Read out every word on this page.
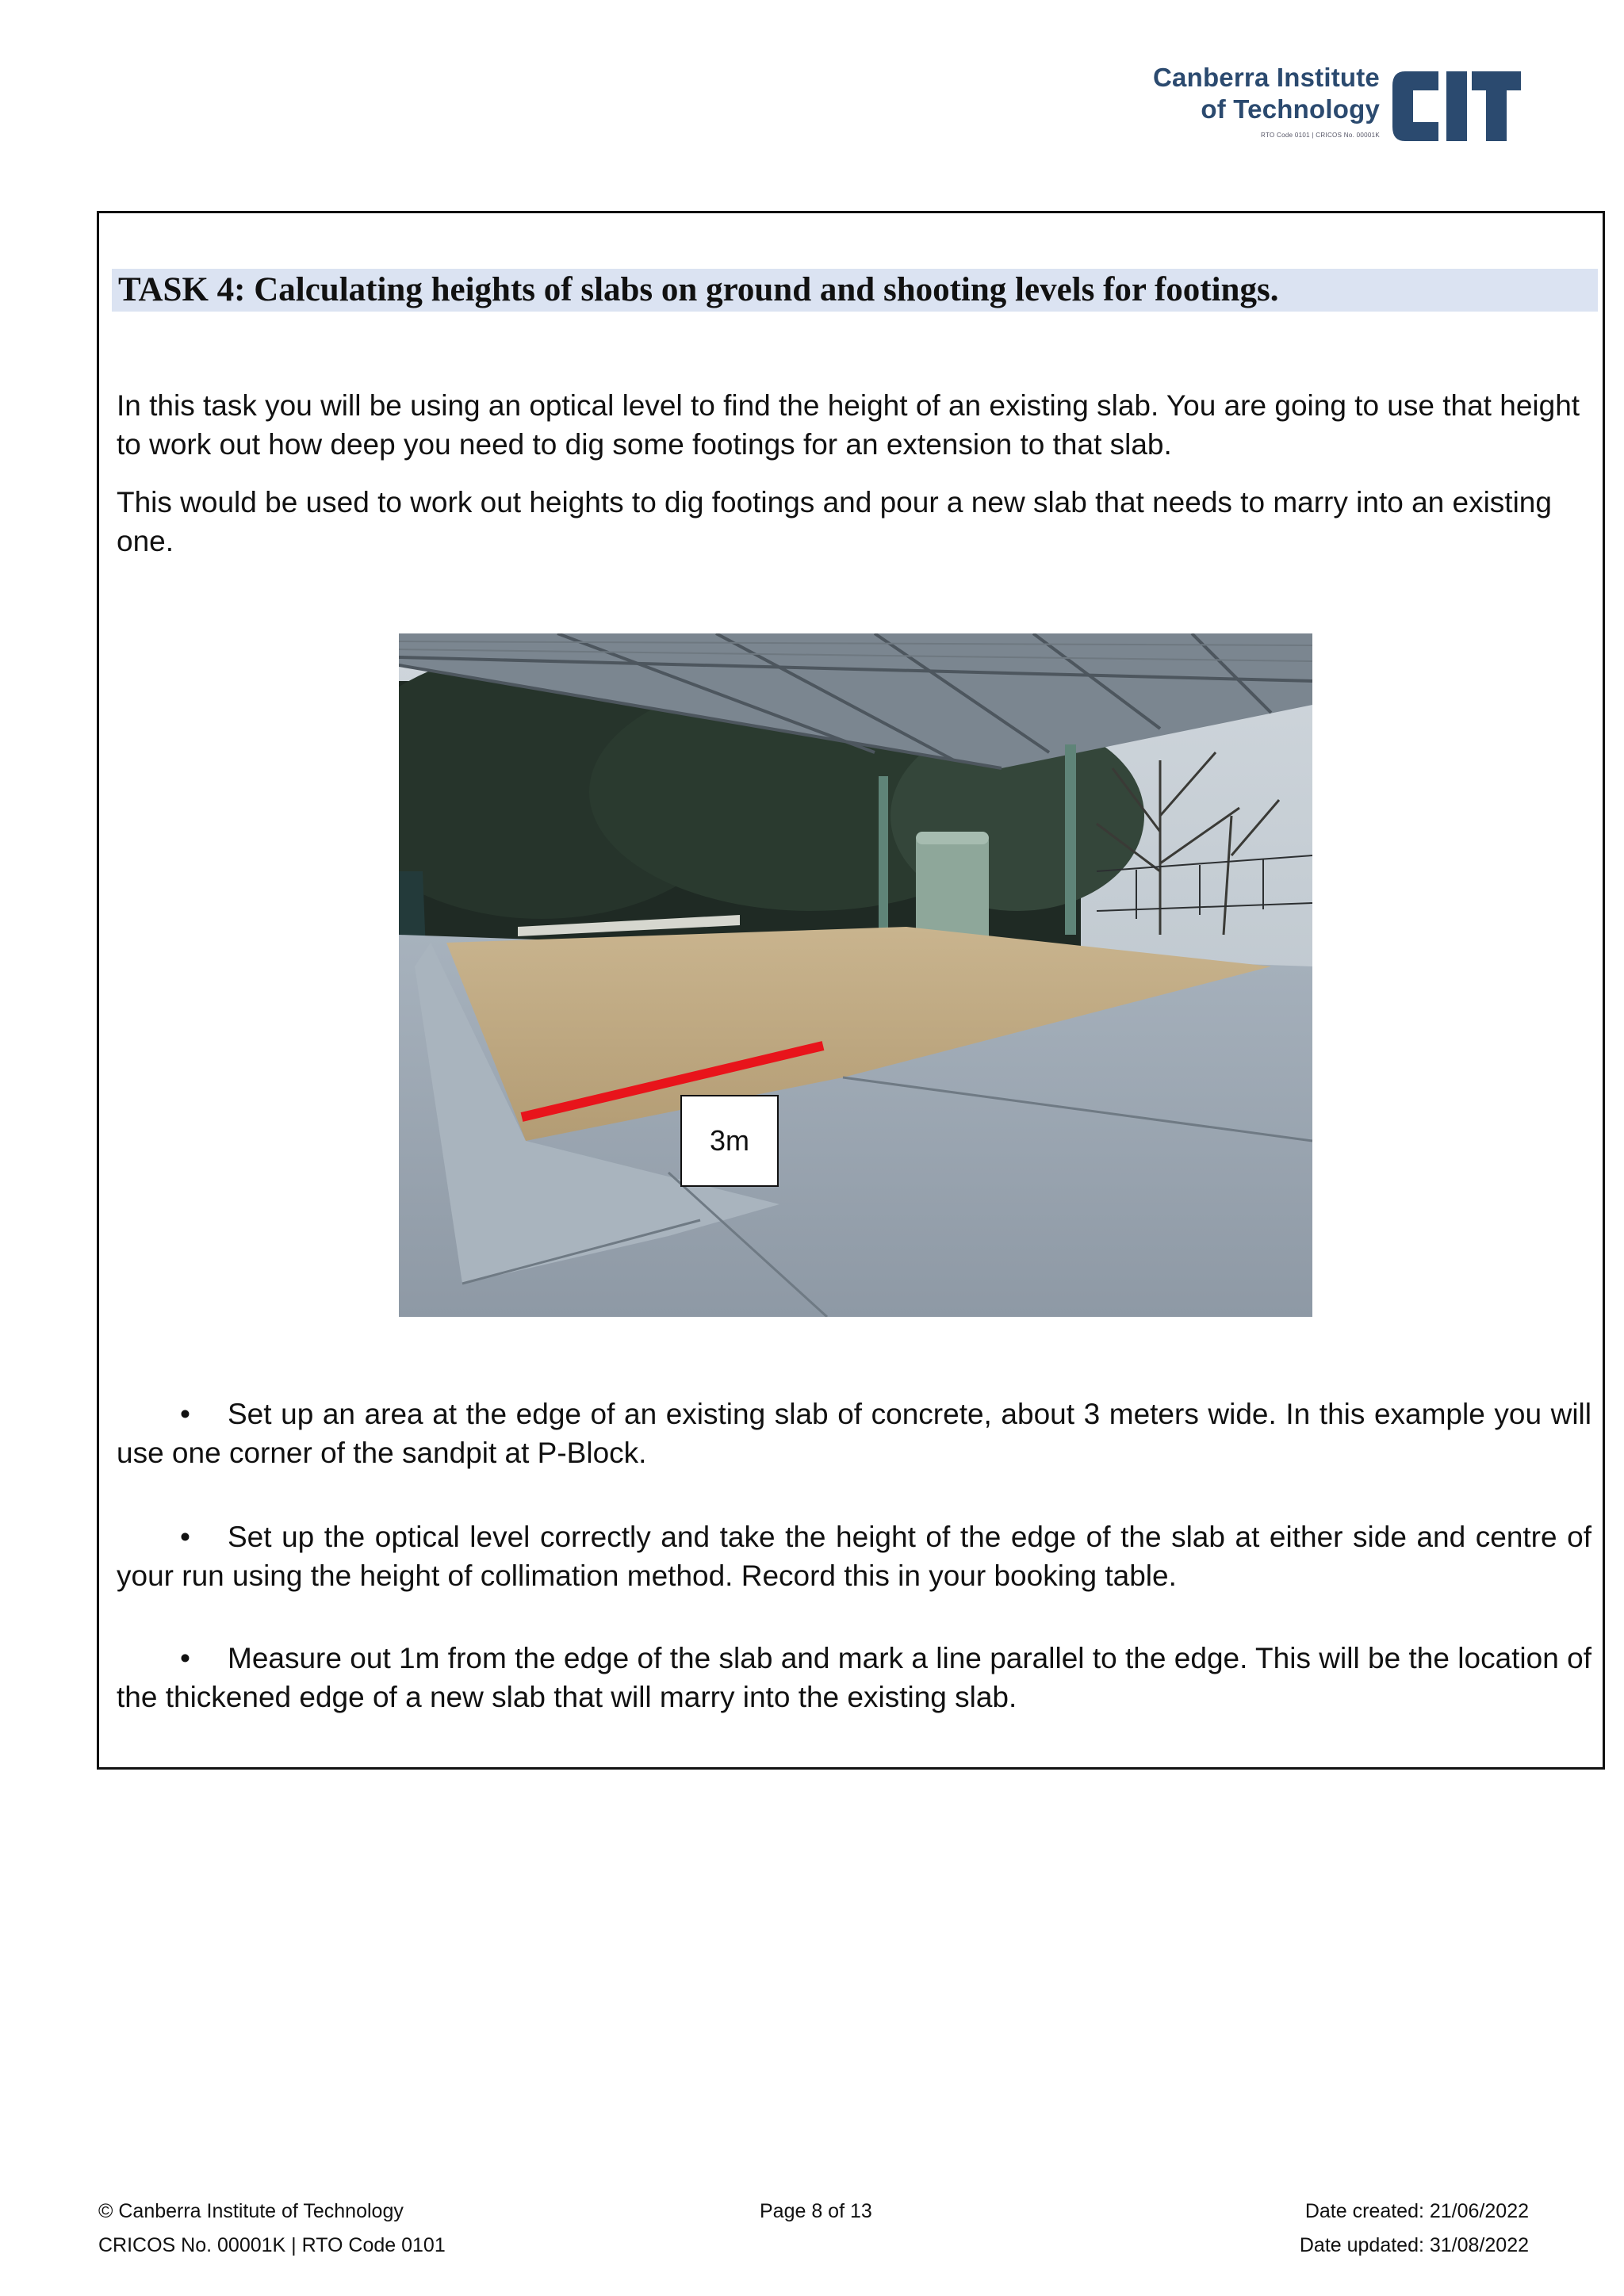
Canberra Institute
of Technology
RTO Code 0101 | CRICOS No. 00001K
TASK 4: Calculating heights of slabs on ground and shooting levels for footings.

In this task you will be using an optical level to find the height of an existing slab. You are going to use that height to work out how deep you need to dig some footings for an extension to that slab.

This would be used to work out heights to dig footings and pour a new slab that needs to marry into an existing one.

3m

• Set up an area at the edge of an existing slab of concrete, about 3 meters wide. In this example you will use one corner of the sandpit at P-Block.

• Set up the optical level correctly and take the height of the edge of the slab at either side and centre of your run using the height of collimation method. Record this in your booking table.

• Measure out 1m from the edge of the slab and mark a line parallel to the edge. This will be the location of the thickened edge of a new slab that will marry into the existing slab.

© Canberra Institute of Technology
CRICOS No. 00001K | RTO Code 0101
Page 8 of 13	Date created: 21/06/2022
Date updated: 31/08/2022
